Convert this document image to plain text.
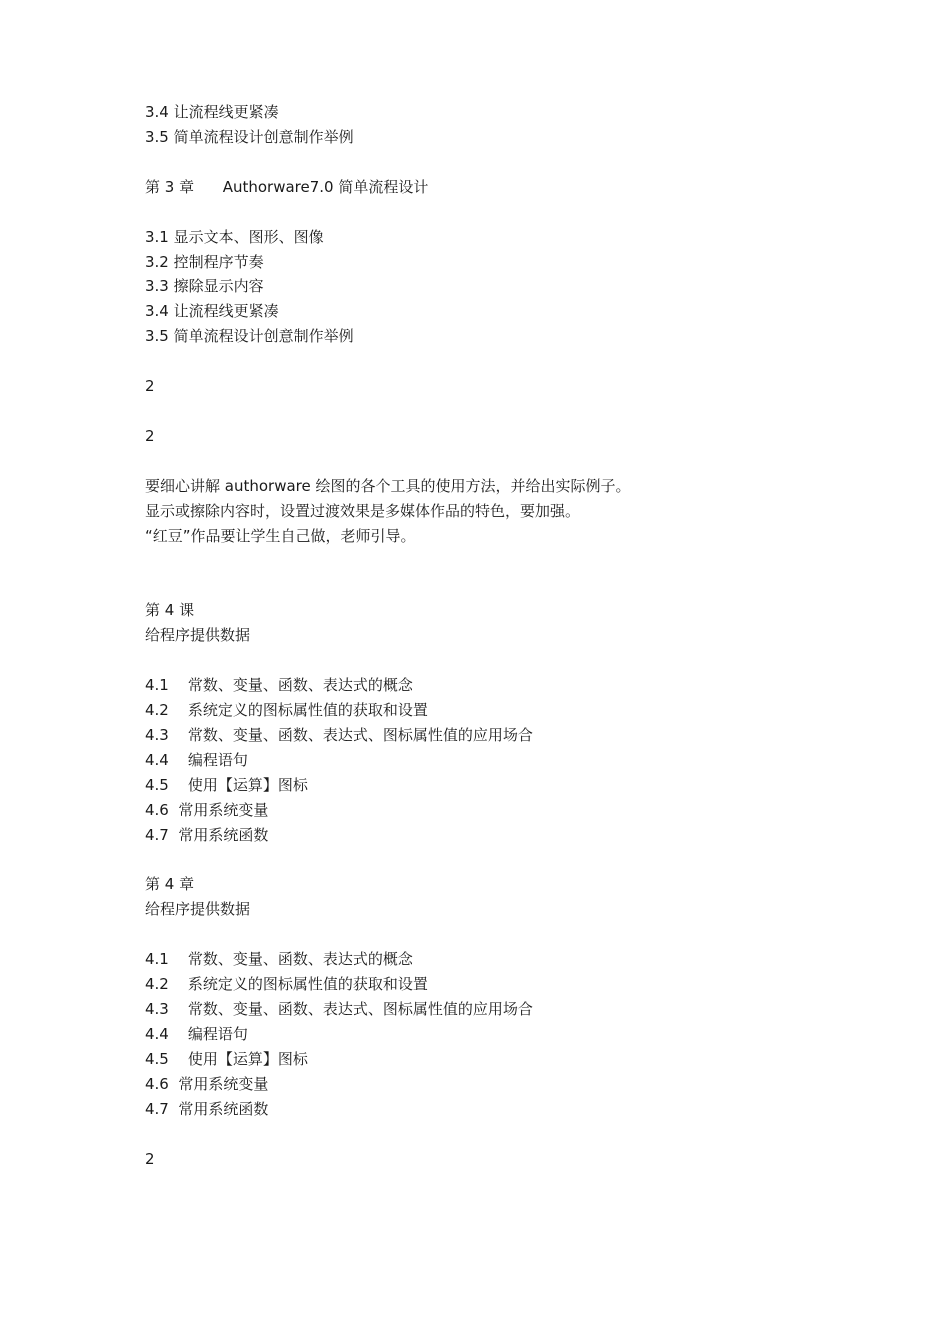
3.4 让流程线更紧凑
3.5 简单流程设计创意制作举例
第 3 章      Authorware7.0 简单流程设计
3.1 显示文本、图形、图像
3.2 控制程序节奏
3.3 擦除显示内容
3.4 让流程线更紧凑
3.5 简单流程设计创意制作举例
2
2
要细心讲解 authorware 绘图的各个工具的使用方法，并给出实际例子。
显示或擦除内容时，设置过渡效果是多媒体作品的特色，要加强。
“红豆”作品要让学生自己做，老师引导。
第 4 课
给程序提供数据
4.1    常数、变量、函数、表达式的概念
4.2    系统定义的图标属性值的获取和设置
4.3    常数、变量、函数、表达式、图标属性值的应用场合
4.4    编程语句
4.5    使用【运算】图标
4.6  常用系统变量
4.7  常用系统函数
第 4 章
给程序提供数据
4.1    常数、变量、函数、表达式的概念
4.2    系统定义的图标属性值的获取和设置
4.3    常数、变量、函数、表达式、图标属性值的应用场合
4.4    编程语句
4.5    使用【运算】图标
4.6  常用系统变量
4.7  常用系统函数
2
